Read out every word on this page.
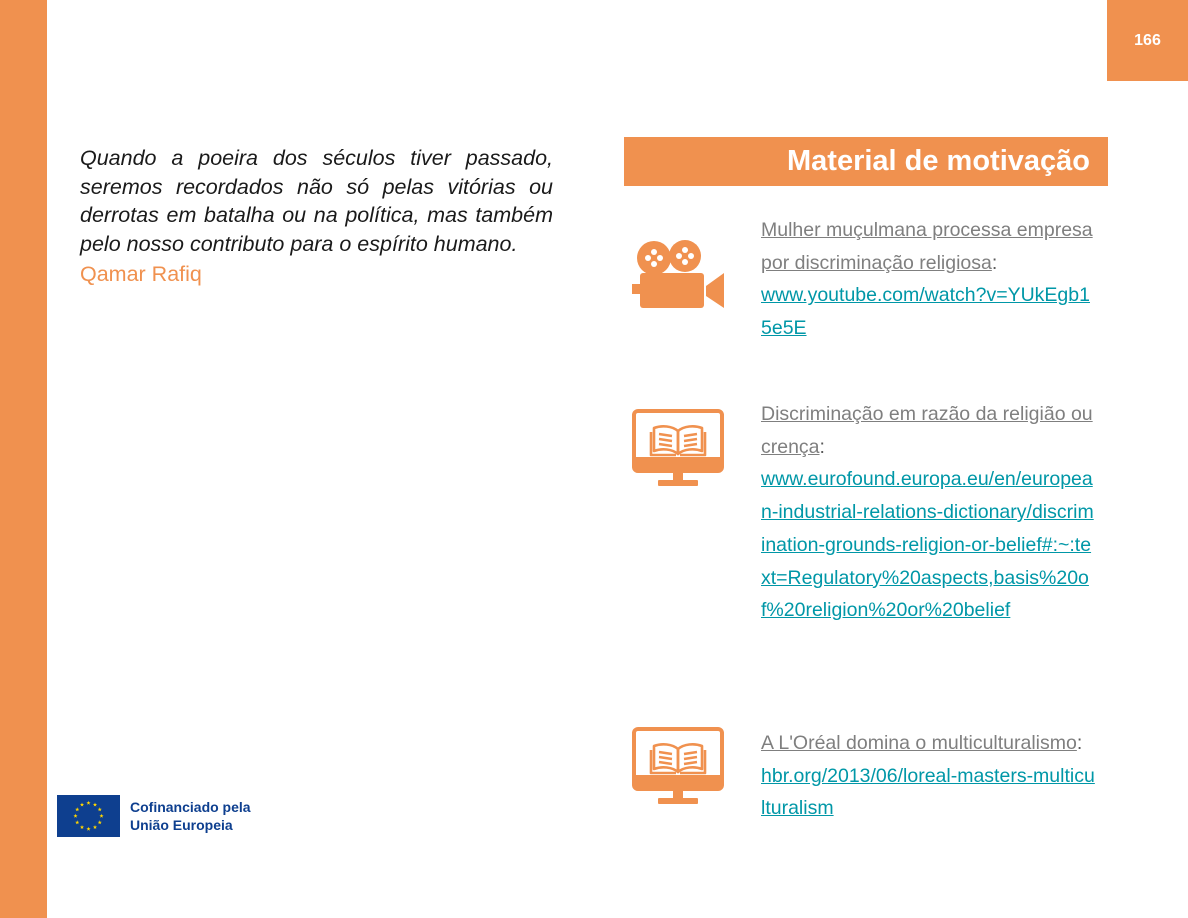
166

Quando a poeira dos séculos tiver passado, seremos recordados não só pelas vitórias ou derrotas em batalha ou na política, mas também pelo nosso contributo para o espírito humano.

Qamar Rafiq

Material de motivação
Mulher muçulmana processa empresa por discriminação religiosa:
www.youtube.com/watch?v=YUkEgb15e5E
Discriminação em razão da religião ou crença:
www.eurofound.europa.eu/en/european-industrial-relations-dictionary/discrimination-grounds-religion-or-belief#:~:text=Regulatory%20aspects,basis%20of%20religion%20or%20belief
A L'Oréal domina o multiculturalismo:
hbr.org/2013/06/loreal-masters-multiculturalism
Cofinanciado pela
União Europeia
